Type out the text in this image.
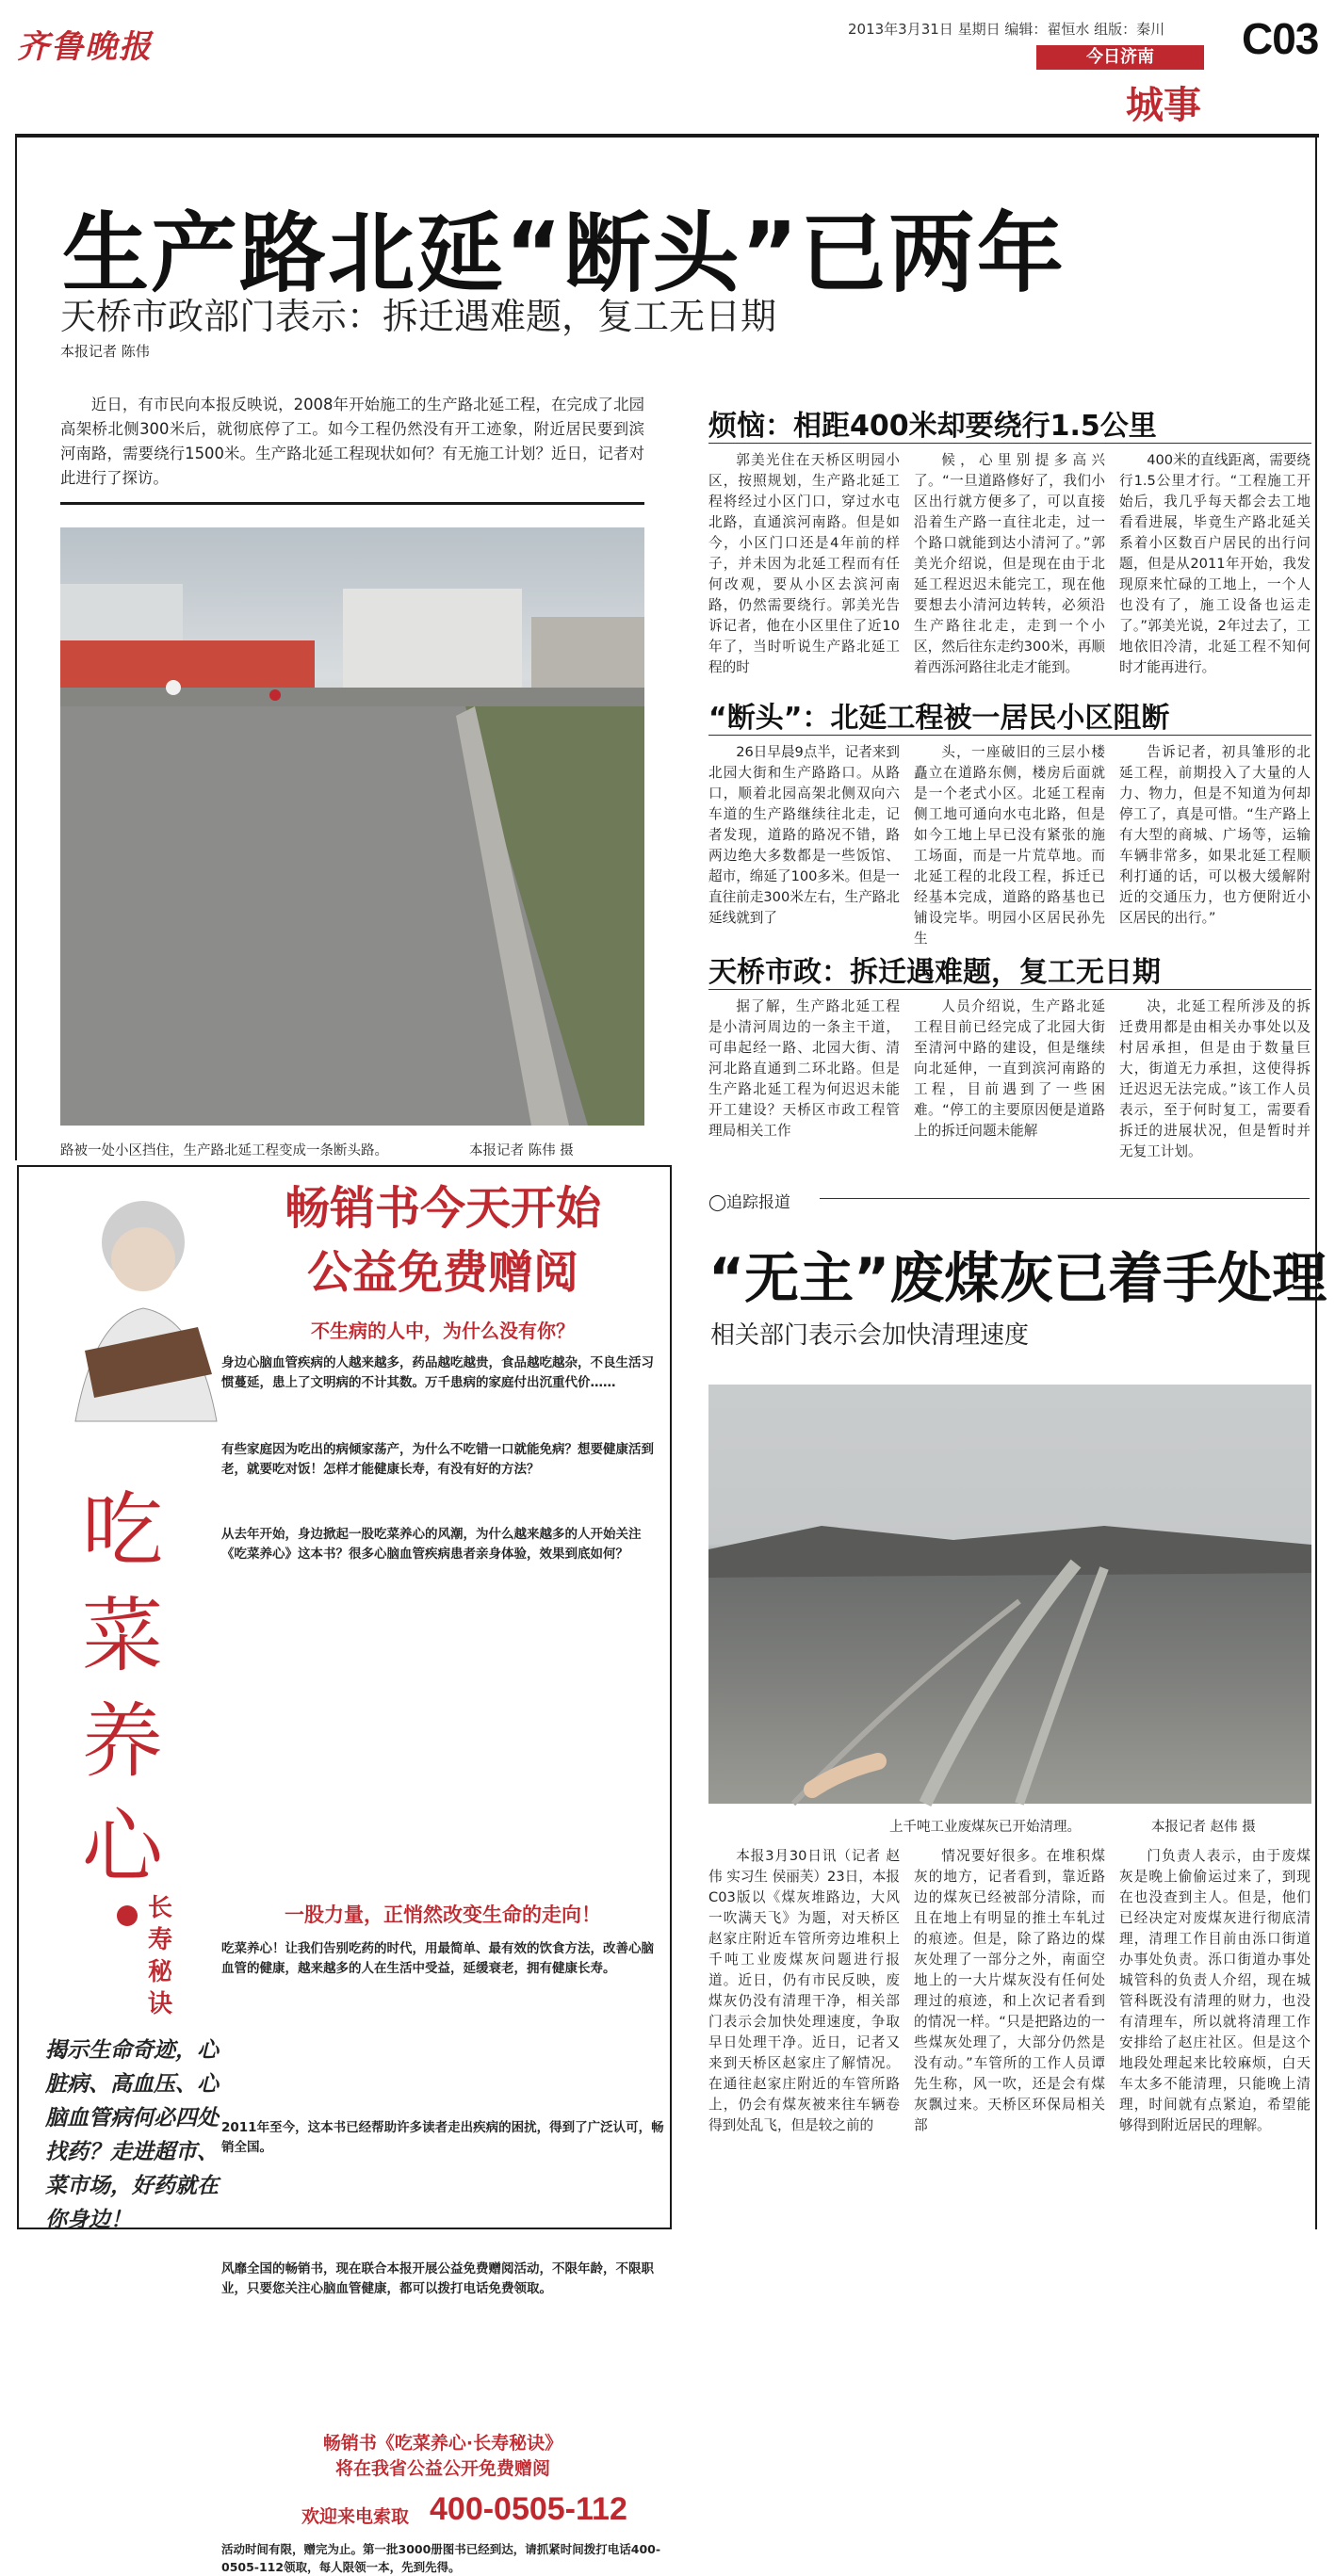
齐鲁晚报	2013年3月31日 星期日 编辑：翟恒水 组版：秦川 C03
今日济南
城事
生产路北延“断头”已两年
天桥市政部门表示：拆迁遇难题，复工无日期
本报记者 陈伟
近日，有市民向本报反映说，2008年开始施工的生产路北延工程，在完成了北园高架桥北侧300米后，就彻底停了工。如今工程仍然没有开工迹象，附近居民要到滨河南路，需要绕行1500米。生产路北延工程现状如何？有无施工计划？近日，记者对此进行了探访。
路被一处小区挡住，生产路北延工程变成一条断头路。	本报记者 陈伟 摄
烦恼：相距400米却要绕行1.5公里

郭美光住在天桥区明园小区，按照规划，生产路北延工程将经过小区门口，穿过水屯北路，直通滨河南路。但是如今，小区门口还是4年前的样子，并未因为北延工程而有任何改观，要从小区去滨河南路，仍然需要绕行。郭美光告诉记者，他在小区里住了近10年了，当时听说生产路北延工程的时

候，心里别提多高兴了。“一旦道路修好了，我们小区出行就方便多了，可以直接沿着生产路一直往北走，过一个路口就能到达小清河了。”郭美光介绍说，但是现在由于北延工程迟迟未能完工，现在他要想去小清河边转转，必须沿生产路往北走，走到一个小区，然后往东走约300米，再顺着西泺河路往北走才能到。

400米的直线距离，需要绕行1.5公里才行。“工程施工开始后，我几乎每天都会去工地看看进展，毕竟生产路北延关系着小区数百户居民的出行问题，但是从2011年开始，我发现原来忙碌的工地上，一个人也没有了，施工设备也运走了。”郭美光说，2年过去了，工地依旧冷清，北延工程不知何时才能再进行。

“断头”：北延工程被一居民小区阻断

26日早晨9点半，记者来到北园大街和生产路路口。从路口，顺着北园高架北侧双向六车道的生产路继续往北走，记者发现，道路的路况不错，路两边绝大多数都是一些饭馆、超市，绵延了100多米。但是一直往前走300米左右，生产路北延线就到了

头，一座破旧的三层小楼矗立在道路东侧，楼房后面就是一个老式小区。北延工程南侧工地可通向水屯北路，但是如今工地上早已没有紧张的施工场面，而是一片荒草地。而北延工程的北段工程，拆迁已经基本完成，道路的路基也已铺设完毕。明园小区居民孙先生

告诉记者，初具雏形的北延工程，前期投入了大量的人力、物力，但是不知道为何却停工了，真是可惜。“生产路上有大型的商城、广场等，运输车辆非常多，如果北延工程顺利打通的话，可以极大缓解附近的交通压力，也方便附近小区居民的出行。”

天桥市政：拆迁遇难题，复工无日期

据了解，生产路北延工程是小清河周边的一条主干道，可串起经一路、北园大街、清河北路直通到二环北路。但是生产路北延工程为何迟迟未能开工建设？天桥区市政工程管理局相关工作

人员介绍说，生产路北延工程目前已经完成了北园大街至清河中路的建设，但是继续向北延伸，一直到滨河南路的工程，目前遇到了一些困难。“停工的主要原因便是道路上的拆迁问题未能解

决，北延工程所涉及的拆迁费用都是由相关办事处以及村居承担，但是由于数量巨大，街道无力承担，这使得拆迁迟迟无法完成。”该工作人员表示，至于何时复工，需要看拆迁的进展状况，但是暂时并无复工计划。

畅销书今天开始
公益免费赠阅
不生病的人中，为什么没有你？
身边心脑血管疾病的人越来越多，药品越吃越贵，食品越吃越杂，不良生活习惯蔓延，患上了文明病的不计其数。万千患病的家庭付出沉重代价……
有些家庭因为吃出的病倾家荡产，为什么不吃错一口就能免病？想要健康活到老，就要吃对饭！怎样才能健康长寿，有没有好的方法？
从去年开始，身边掀起一股吃菜养心的风潮，为什么越来越多的人开始关注《吃菜养心》这本书？很多心脑血管疾病患者亲身体验，效果到底如何？
吃菜养心
长寿秘诀
揭示生命奇迹，心脏病、高血压、心脑血管病何必四处找药？走进超市、菜市场，好药就在你身边！
一股力量，正悄然改变生命的走向！
吃菜养心！让我们告别吃药的时代，用最简单、最有效的饮食方法，改善心脑血管的健康，越来越多的人在生活中受益，延缓衰老，拥有健康长寿。
2011年至今，这本书已经帮助许多读者走出疾病的困扰，得到了广泛认可，畅销全国。
风靡全国的畅销书，现在联合本报开展公益免费赠阅活动，不限年龄，不限职业，只要您关注心脑血管健康，都可以拨打电话免费领取。
畅销书《吃菜养心·长寿秘诀》
将在我省公益公开免费赠阅
欢迎来电索取 400-0505-112
活动时间有限，赠完为止。第一批3000册图书已经到达，请抓紧时间拨打电话400-0505-112领取，每人限领一本，先到先得。
◯追踪报道
“无主”废煤灰已着手处理
相关部门表示会加快清理速度
上千吨工业废煤灰已开始清理。	本报记者 赵伟 摄

本报3月30日讯（记者 赵伟 实习生 侯丽芙）23日，本报C03版以《煤灰堆路边，大风一吹满天飞》为题，对天桥区赵家庄附近车管所旁边堆积上千吨工业废煤灰问题进行报道。近日，仍有市民反映，废煤灰仍没有清理干净，相关部门表示会加快处理速度，争取早日处理干净。近日，记者又来到天桥区赵家庄了解情况。在通往赵家庄附近的车管所路上，仍会有煤灰被来往车辆卷得到处乱飞，但是较之前的

情况要好很多。在堆积煤灰的地方，记者看到，靠近路边的煤灰已经被部分清除，而且在地上有明显的推土车轧过的痕迹。但是，除了路边的煤灰处理了一部分之外，南面空地上的一大片煤灰没有任何处理过的痕迹，和上次记者看到的情况一样。“只是把路边的一些煤灰处理了，大部分仍然是没有动。”车管所的工作人员谭先生称，风一吹，还是会有煤灰飘过来。天桥区环保局相关部

门负责人表示，由于废煤灰是晚上偷偷运过来了，到现在也没查到主人。但是，他们已经决定对废煤灰进行彻底清理，清理工作目前由泺口街道办事处负责。泺口街道办事处城管科的负责人介绍，现在城管科既没有清理的财力，也没有清理车，所以就将清理工作安排给了赵庄社区。但是这个地段处理起来比较麻烦，白天车太多不能清理，只能晚上清理，时间就有点紧迫，希望能够得到附近居民的理解。
